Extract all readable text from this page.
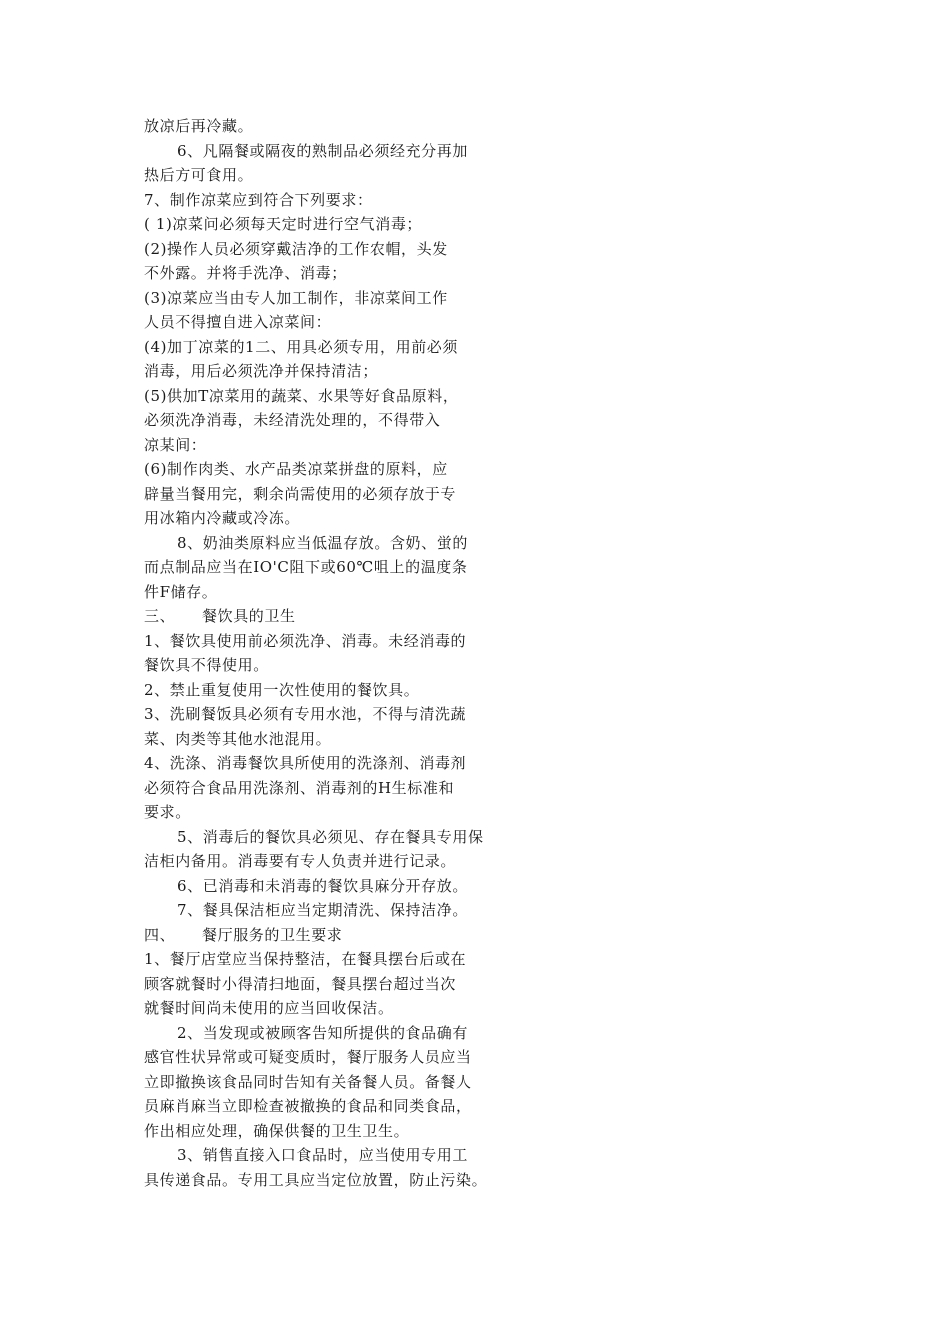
放凉后再冷藏。
6、凡隔餐或隔夜的熟制品必须经充分再加
热后方可食用。
7、制作凉菜应到符合下列要求：
( 1)凉菜问必须每天定时进行空气消毒；
(2)操作人员必须穿戴洁净的工作农帽，头发
不外露。并将手洗净、消毒；
(3)凉菜应当由专人加工制作，非凉菜间工作
人员不得擅自进入凉菜间：
(4)加丁凉菜的1二、用具必须专用，用前必须
消毒，用后必须洗净并保持清洁；
(5)供加T凉菜用的蔬菜、水果等好食品原料，
必须洗净消毒，未经清洗处理的，不得带入
凉某间：
(6)制作肉类、水产品类凉菜拼盘的原料，应
辟量当餐用完，剩余尚需使用的必须存放于专
用冰箱内冷藏或冷冻。
8、奶油类原料应当低温存放。含奶、蛍的
而点制品应当在IO'C阻下或60℃咀上的温度条
件F储存。
三、 餐饮具的卫生
1、餐饮具使用前必须洗净、消毒。未经消毒的
餐饮具不得使用。
2、禁止重复使用一次性使用的餐饮具。
3、洗刷餐饭具必须有专用水池，不得与清洗蔬
菜、肉类等其他水池混用。
4、洗涤、消毒餐饮具所使用的洗涤剂、消毒剂
必须符合食品用洗涤剂、消毒剂的H生标准和
要求。
5、消毒后的餐饮具必须见、存在餐具专用保
洁柜内备用。消毒要有专人负责并进行记录。
6、已消毒和未消毒的餐饮具麻分开存放。
7、餐具保洁柜应当定期清洗、保持洁净。
四、 餐厅服务的卫生要求
1、餐厅店堂应当保持整洁，在餐具摆台后或在
顾客就餐时小得清扫地面，餐具摆台超过当次
就餐时间尚未使用的应当回收保洁。
2、当发现或被顾客告知所提供的食品确有
感官性状异常或可疑变质时，餐厅服务人员应当
立即撤换该食品同时告知有关备餐人员。备餐人
员麻肖麻当立即检查被撤换的食品和同类食品，
作出相应处理，确保供餐的卫生卫生。
3、销售直接入口食品时，应当使用专用工
具传递食品。专用工具应当定位放置，防止污染。
